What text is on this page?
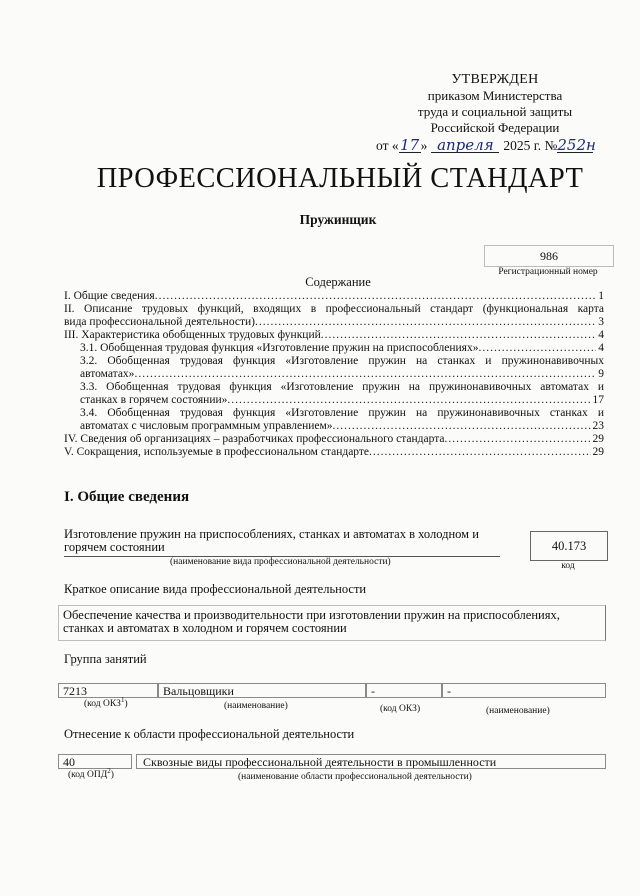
УТВЕРЖДЕН
приказом Министерства
труда и социальной защиты
Российской Федерации
от «17» апреля 2025 г. №252н
ПРОФЕССИОНАЛЬНЫЙ СТАНДАРТ
Пружинщик
986
Регистрационный номер
Содержание
I. Общие сведения .....	1
II. Описание трудовых функций, входящих в профессиональный стандарт (функциональная карта
вида профессиональной деятельности) .....	3
III. Характеристика обобщенных трудовых функций .....	4
3.1. Обобщенная трудовая функция «Изготовление пружин на приспособлениях» .....	4
3.2. Обобщенная трудовая функция «Изготовление пружин на станках и пружинонавивочных
автоматах» .....	9
3.3. Обобщенная трудовая функция «Изготовление пружин на пружинонавивочных автоматах и
станках в горячем состоянии» .....	17
3.4. Обобщенная трудовая функция «Изготовление пружин на пружинонавивочных станках и
автоматах с числовым программным управлением» .....	23
IV. Сведения об организациях – разработчиках профессионального стандарта .....	29
V. Сокращения, используемые в профессиональном стандарте .....	29
I. Общие сведения
Изготовление пружин на приспособлениях, станках и автоматах в холодном и горячем состоянии
(наименование вида профессиональной деятельности)
40.173
код
Краткое описание вида профессиональной деятельности
Обеспечение качества и производительности при изготовлении пружин на приспособлениях, станках и автоматах в холодном и горячем состоянии
Группа занятий
7213	Вальцовщики	-	-
(код ОКЗ$^1$)	(наименование)	(код ОКЗ)	(наименование)
Отнесение к области профессиональной деятельности
40	Сквозные виды профессиональной деятельности в промышленности
(код ОПД$^2$)	(наименование области профессиональной деятельности)
